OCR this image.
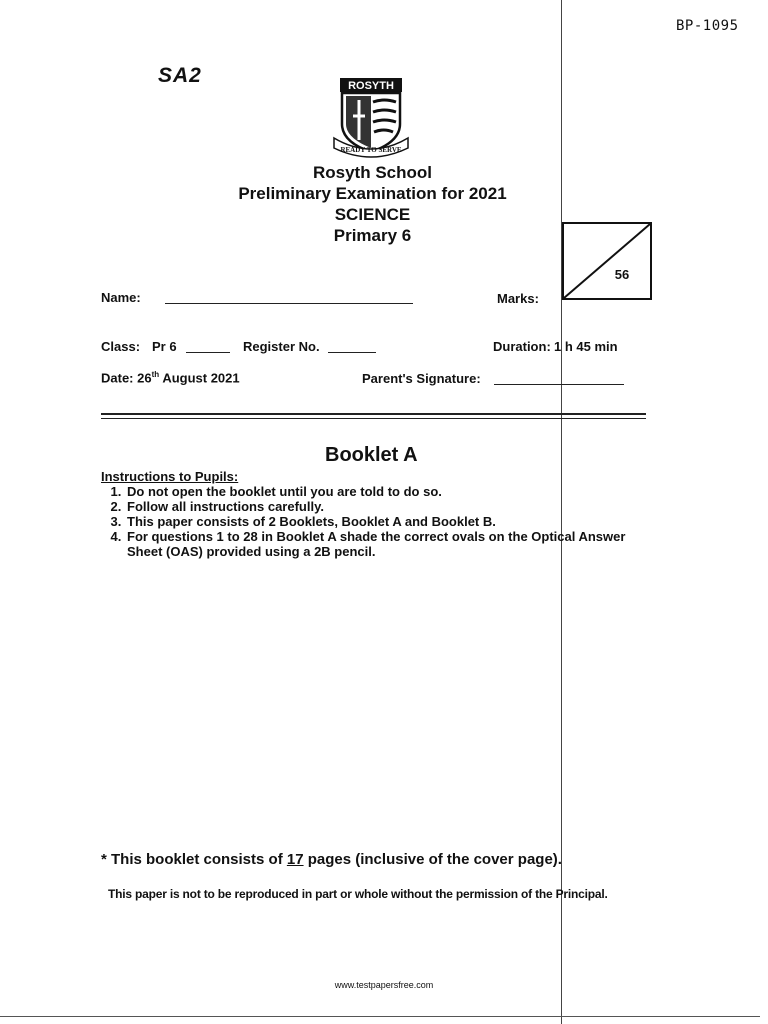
BP-1095
SA2	ROSYTH
READY TO SERVE
Rosyth School
Preliminary Examination for 2021
SCIENCE
Primary 6
56
Name:	Marks:
Class: Pr 6	Register No.	Duration: 1 h 45 min
Date: 26th August 2021	Parent's Signature:
Booklet A
Instructions to Pupils:
1. Do not open the booklet until you are told to do so.
2. Follow all instructions carefully.
3. This paper consists of 2 Booklets, Booklet A and Booklet B.
4. For questions 1 to 28 in Booklet A shade the correct ovals on the Optical Answer Sheet (OAS) provided using a 2B pencil.
* This booklet consists of 17 pages (inclusive of the cover page).
This paper is not to be reproduced in part or whole without the permission of the Principal.
www.testpapersfree.com
